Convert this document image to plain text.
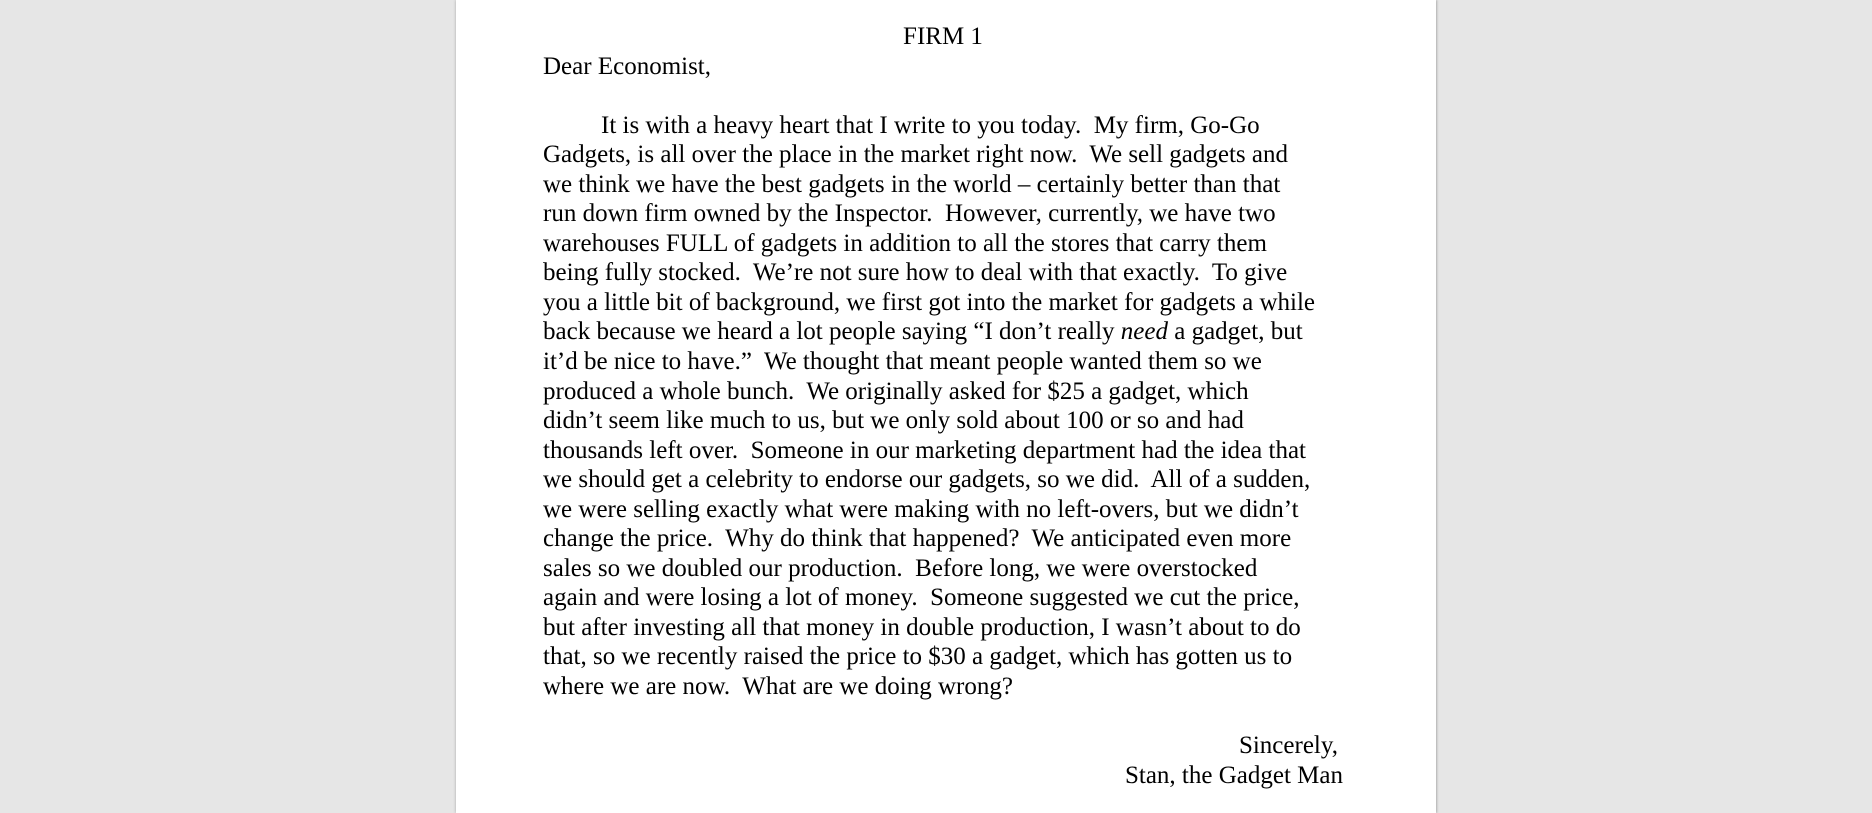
FIRM 1

Dear Economist,

It is with a heavy heart that I write to you today.  My firm, Go-Go
Gadgets, is all over the place in the market right now.  We sell gadgets and
we think we have the best gadgets in the world – certainly better than that
run down firm owned by the Inspector.  However, currently, we have two
warehouses FULL of gadgets in addition to all the stores that carry them
being fully stocked.  We’re not sure how to deal with that exactly.  To give
you a little bit of background, we first got into the market for gadgets a while
back because we heard a lot people saying “I don’t really need a gadget, but
it’d be nice to have.”  We thought that meant people wanted them so we
produced a whole bunch.  We originally asked for $25 a gadget, which
didn’t seem like much to us, but we only sold about 100 or so and had
thousands left over.  Someone in our marketing department had the idea that
we should get a celebrity to endorse our gadgets, so we did.  All of a sudden,
we were selling exactly what were making with no left-overs, but we didn’t
change the price.  Why do think that happened?  We anticipated even more
sales so we doubled our production.  Before long, we were overstocked
again and were losing a lot of money.  Someone suggested we cut the price,
but after investing all that money in double production, I wasn’t about to do
that, so we recently raised the price to $30 a gadget, which has gotten us to
where we are now.  What are we doing wrong?
Sincerely,
Stan, the Gadget Man
